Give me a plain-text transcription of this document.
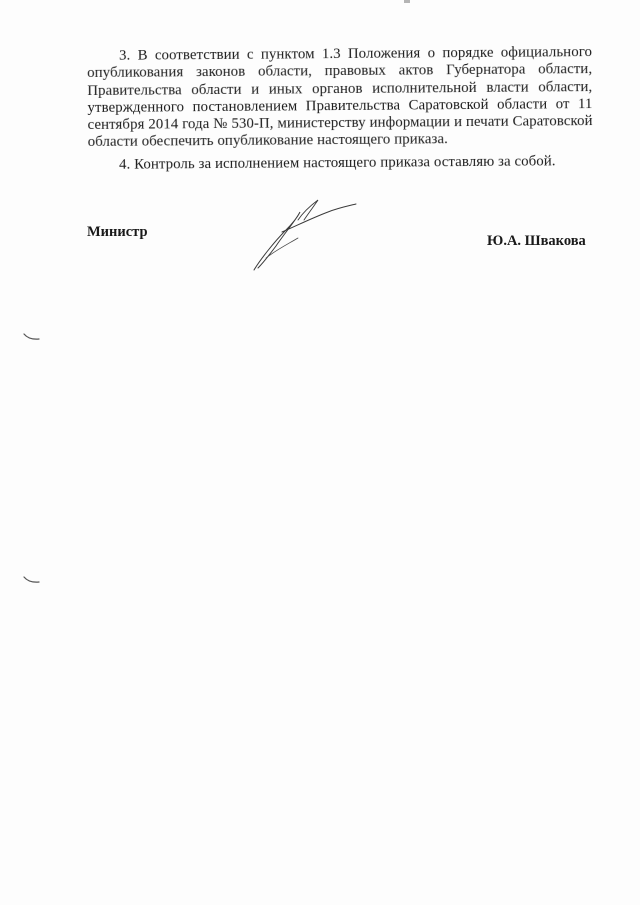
3. В соответствии с пунктом 1.3 Положения о порядке официального опубликования законов области, правовых актов Губернатора области, Правительства области и иных органов исполнительной власти области, утвержденного постановлением Правительства Саратовской области от 11 сентября 2014 года № 530-П, министерству информации и печати Саратовской области обеспечить опубликование настоящего приказа.
4. Контроль за исполнением настоящего приказа оставляю за собой.
Министр
Ю.А. Швакова
